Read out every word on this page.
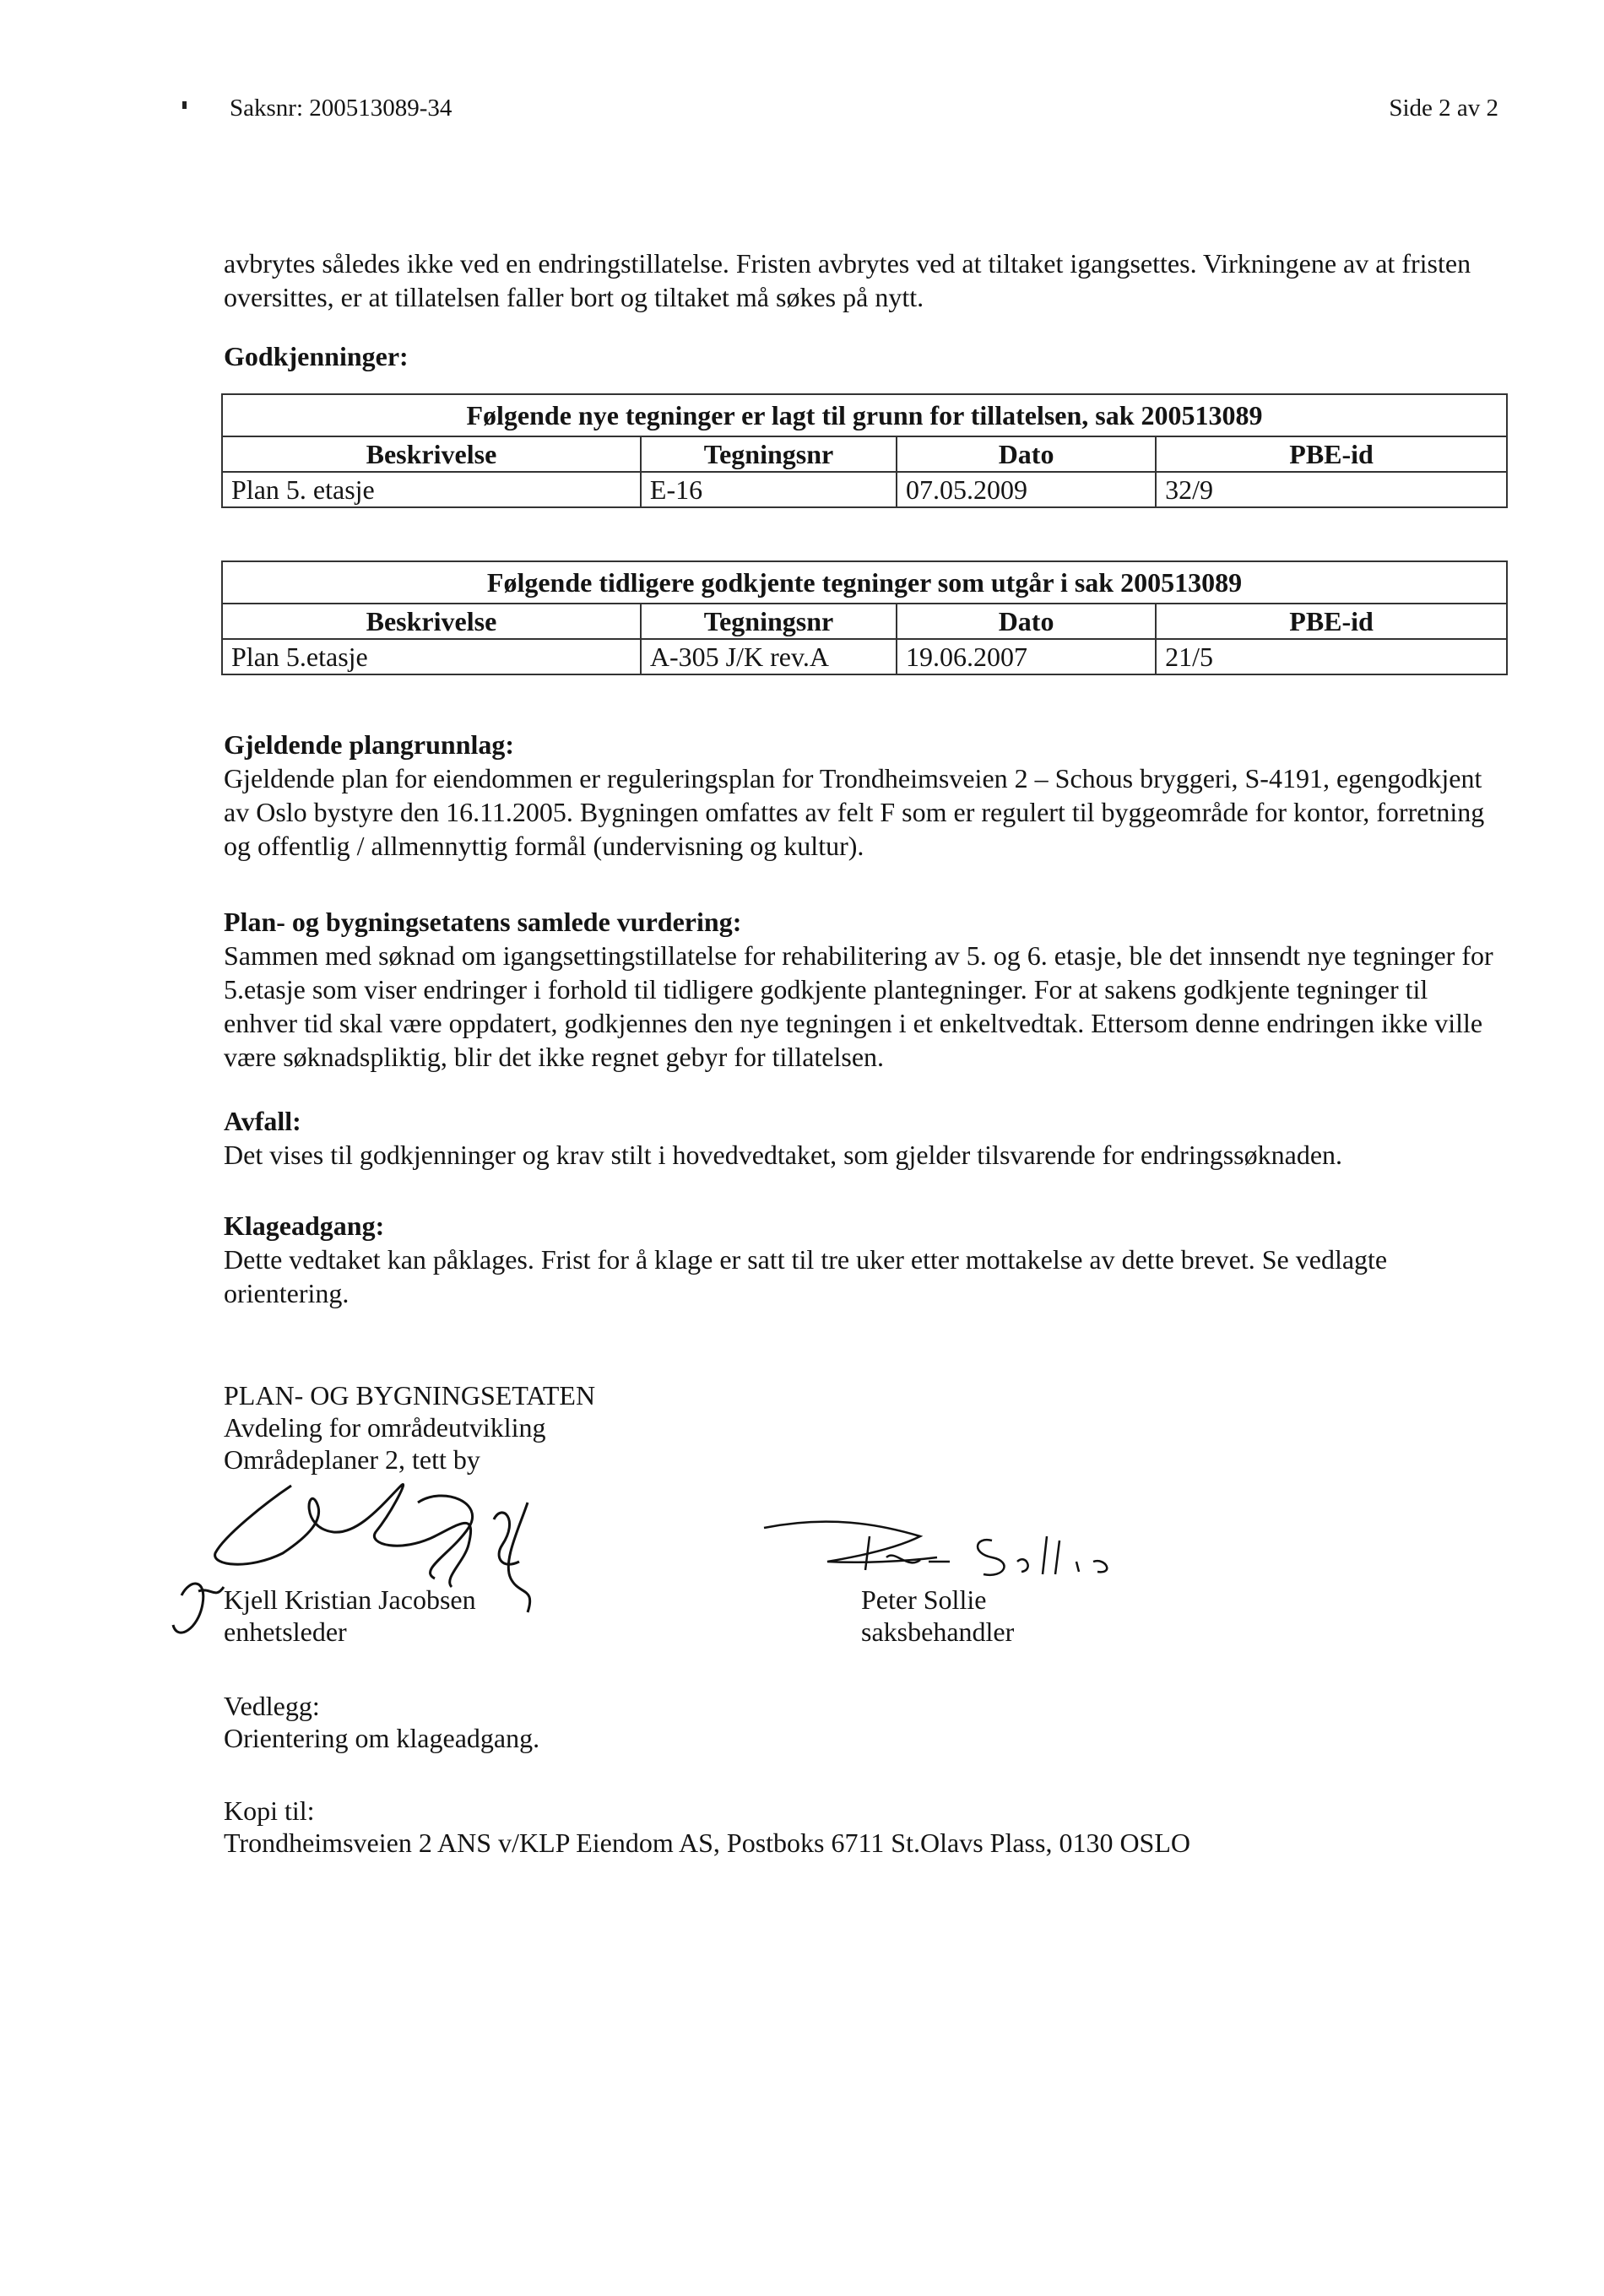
Saksnr: 200513089-34	Side 2 av 2

avbrytes således ikke ved en endringstillatelse. Fristen avbrytes ved at tiltaket igangsettes. Virkningene av at fristen oversittes, er at tillatelsen faller bort og tiltaket må søkes på nytt.

Godkjenninger:

Følgende nye tegninger er lagt til grunn for tillatelsen, sak 200513089			
Beskrivelse	Tegningsnr	Dato	PBE-id
Plan 5. etasje	E-16	07.05.2009	32/9
Følgende tidligere godkjente tegninger som utgår i sak 200513089			
Beskrivelse	Tegningsnr	Dato	PBE-id
Plan 5.etasje	A-305 J/K rev.A	19.06.2007	21/5

Gjeldende plangrunnlag:

Gjeldende plan for eiendommen er reguleringsplan for Trondheimsveien 2 – Schous bryggeri, S-4191, egengodkjent av Oslo bystyre den 16.11.2005. Bygningen omfattes av felt F som er regulert til byggeområde for kontor, forretning og offentlig / allmennyttig formål (undervisning og kultur).

Plan- og bygningsetatens samlede vurdering:

Sammen med søknad om igangsettingstillatelse for rehabilitering av 5. og 6. etasje, ble det innsendt nye tegninger for 5.etasje som viser endringer i forhold til tidligere godkjente plantegninger. For at sakens godkjente tegninger til enhver tid skal være oppdatert, godkjennes den nye tegningen i et enkeltvedtak. Ettersom denne endringen ikke ville være søknadspliktig, blir det ikke regnet gebyr for tillatelsen.

Avfall:

Det vises til godkjenninger og krav stilt i hovedvedtaket, som gjelder tilsvarende for endringssøknaden.

Klageadgang:

Dette vedtaket kan påklages. Frist for å klage er satt til tre uker etter mottakelse av dette brevet. Se vedlagte orientering.

PLAN- OG BYGNINGSETATEN
Avdeling for områdeutvikling
Områdeplaner 2, tett by
Kjell Kristian Jacobsen
enhetsleder
Peter Sollie
saksbehandler
Vedlegg:
Orientering om klageadgang.
Kopi til:
Trondheimsveien 2 ANS v/KLP Eiendom AS, Postboks 6711 St.Olavs Plass, 0130 OSLO
